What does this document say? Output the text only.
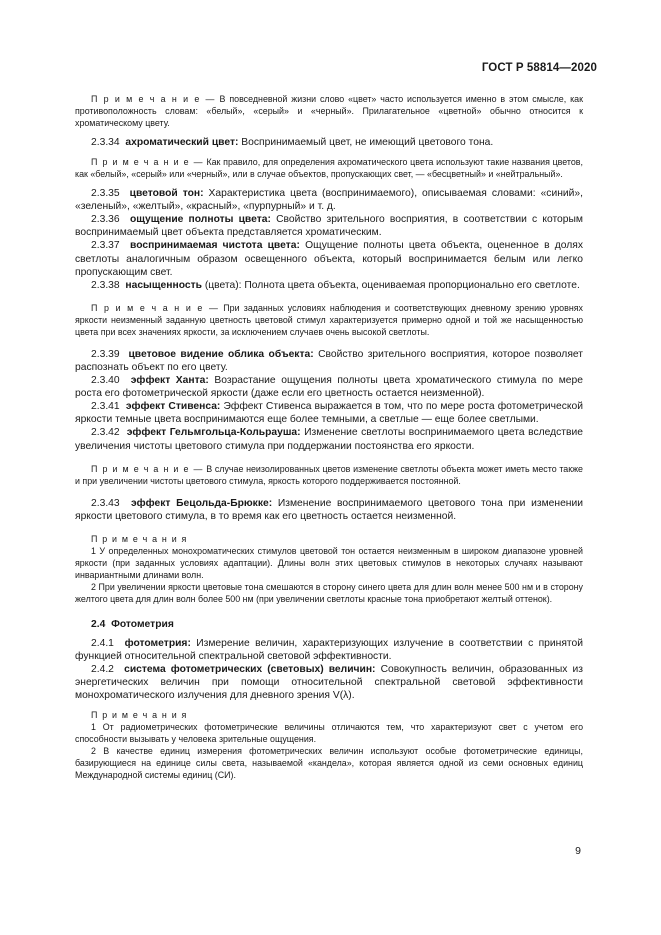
ГОСТ Р 58814—2020

П р и м е ч а н и е — В повседневной жизни слово «цвет» часто используется именно в этом смысле, как противоположность словам: «белый», «серый» и «черный». Прилагательное «цветной» обычно относится к хроматическому цвету.

2.3.34 ахроматический цвет: Воспринимаемый цвет, не имеющий цветового тона.

П р и м е ч а н и е — Как правило, для определения ахроматического цвета используют такие названия цветов, как «белый», «серый» или «черный», или в случае объектов, пропускающих свет, — «бесцветный» и «нейтральный».

2.3.35 цветовой тон: Характеристика цвета (воспринимаемого), описываемая словами: «синий», «зеленый», «желтый», «красный», «пурпурный» и т. д.

2.3.36 ощущение полноты цвета: Свойство зрительного восприятия, в соответствии с которым воспринимаемый цвет объекта представляется хроматическим.

2.3.37 воспринимаемая чистота цвета: Ощущение полноты цвета объекта, оцененное в долях светлоты аналогичным образом освещенного объекта, который воспринимается белым или легко пропускающим свет.

2.3.38 насыщенность (цвета): Полнота цвета объекта, оцениваемая пропорционально его светлоте.

П р и м е ч а н и е — При заданных условиях наблюдения и соответствующих дневному зрению уровнях яркости неизменный заданную цветность цветовой стимул характеризуется примерно одной и той же насыщенностью цвета при всех значениях яркости, за исключением случаев очень высокой светлоты.

2.3.39 цветовое видение облика объекта: Свойство зрительного восприятия, которое позволяет распознать объект по его цвету.

2.3.40 эффект Ханта: Возрастание ощущения полноты цвета хроматического стимула по мере роста его фотометрической яркости (даже если его цветность остается неизменной).

2.3.41 эффект Стивенса: Эффект Стивенса выражается в том, что по мере роста фотометрической яркости темные цвета воспринимаются еще более темными, а светлые — еще более светлыми.

2.3.42 эффект Гельмгольца-Кольрауша: Изменение светлоты воспринимаемого цвета вследствие увеличения чистоты цветового стимула при поддержании постоянства его яркости.

П р и м е ч а н и е — В случае неизолированных цветов изменение светлоты объекта может иметь место также и при увеличении чистоты цветового стимула, яркость которого поддерживается постоянной.

2.3.43 эффект Бецольда-Брюкке: Изменение воспринимаемого цветового тона при изменении яркости цветового стимула, в то время как его цветность остается неизменной.

П р и м е ч а н и я

1 У определенных монохроматических стимулов цветовой тон остается неизменным в широком диапазоне уровней яркости (при заданных условиях адаптации). Длины волн этих цветовых стимулов в некоторых случаях называют инвариантными длинами волн.

2 При увеличении яркости цветовые тона смешаются в сторону синего цвета для длин волн менее 500 нм и в сторону желтого цвета для длин волн более 500 нм (при увеличении светлоты красные тона приобретают желтый оттенок).

2.4 Фотометрия

2.4.1 фотометрия: Измерение величин, характеризующих излучение в соответствии с принятой функцией относительной спектральной световой эффективности.

2.4.2 система фотометрических (световых) величин: Совокупность величин, образованных из энергетических величин при помощи относительной спектральной световой эффективности монохроматического излучения для дневного зрения V(λ).

П р и м е ч а н и я

1 От радиометрических фотометрические величины отличаются тем, что характеризуют свет с учетом его способности вызывать у человека зрительные ощущения.

2 В качестве единиц измерения фотометрических величин используют особые фотометрические единицы, базирующиеся на единице силы света, называемой «кандела», которая является одной из семи основных единиц Международной системы единиц (СИ).

9
